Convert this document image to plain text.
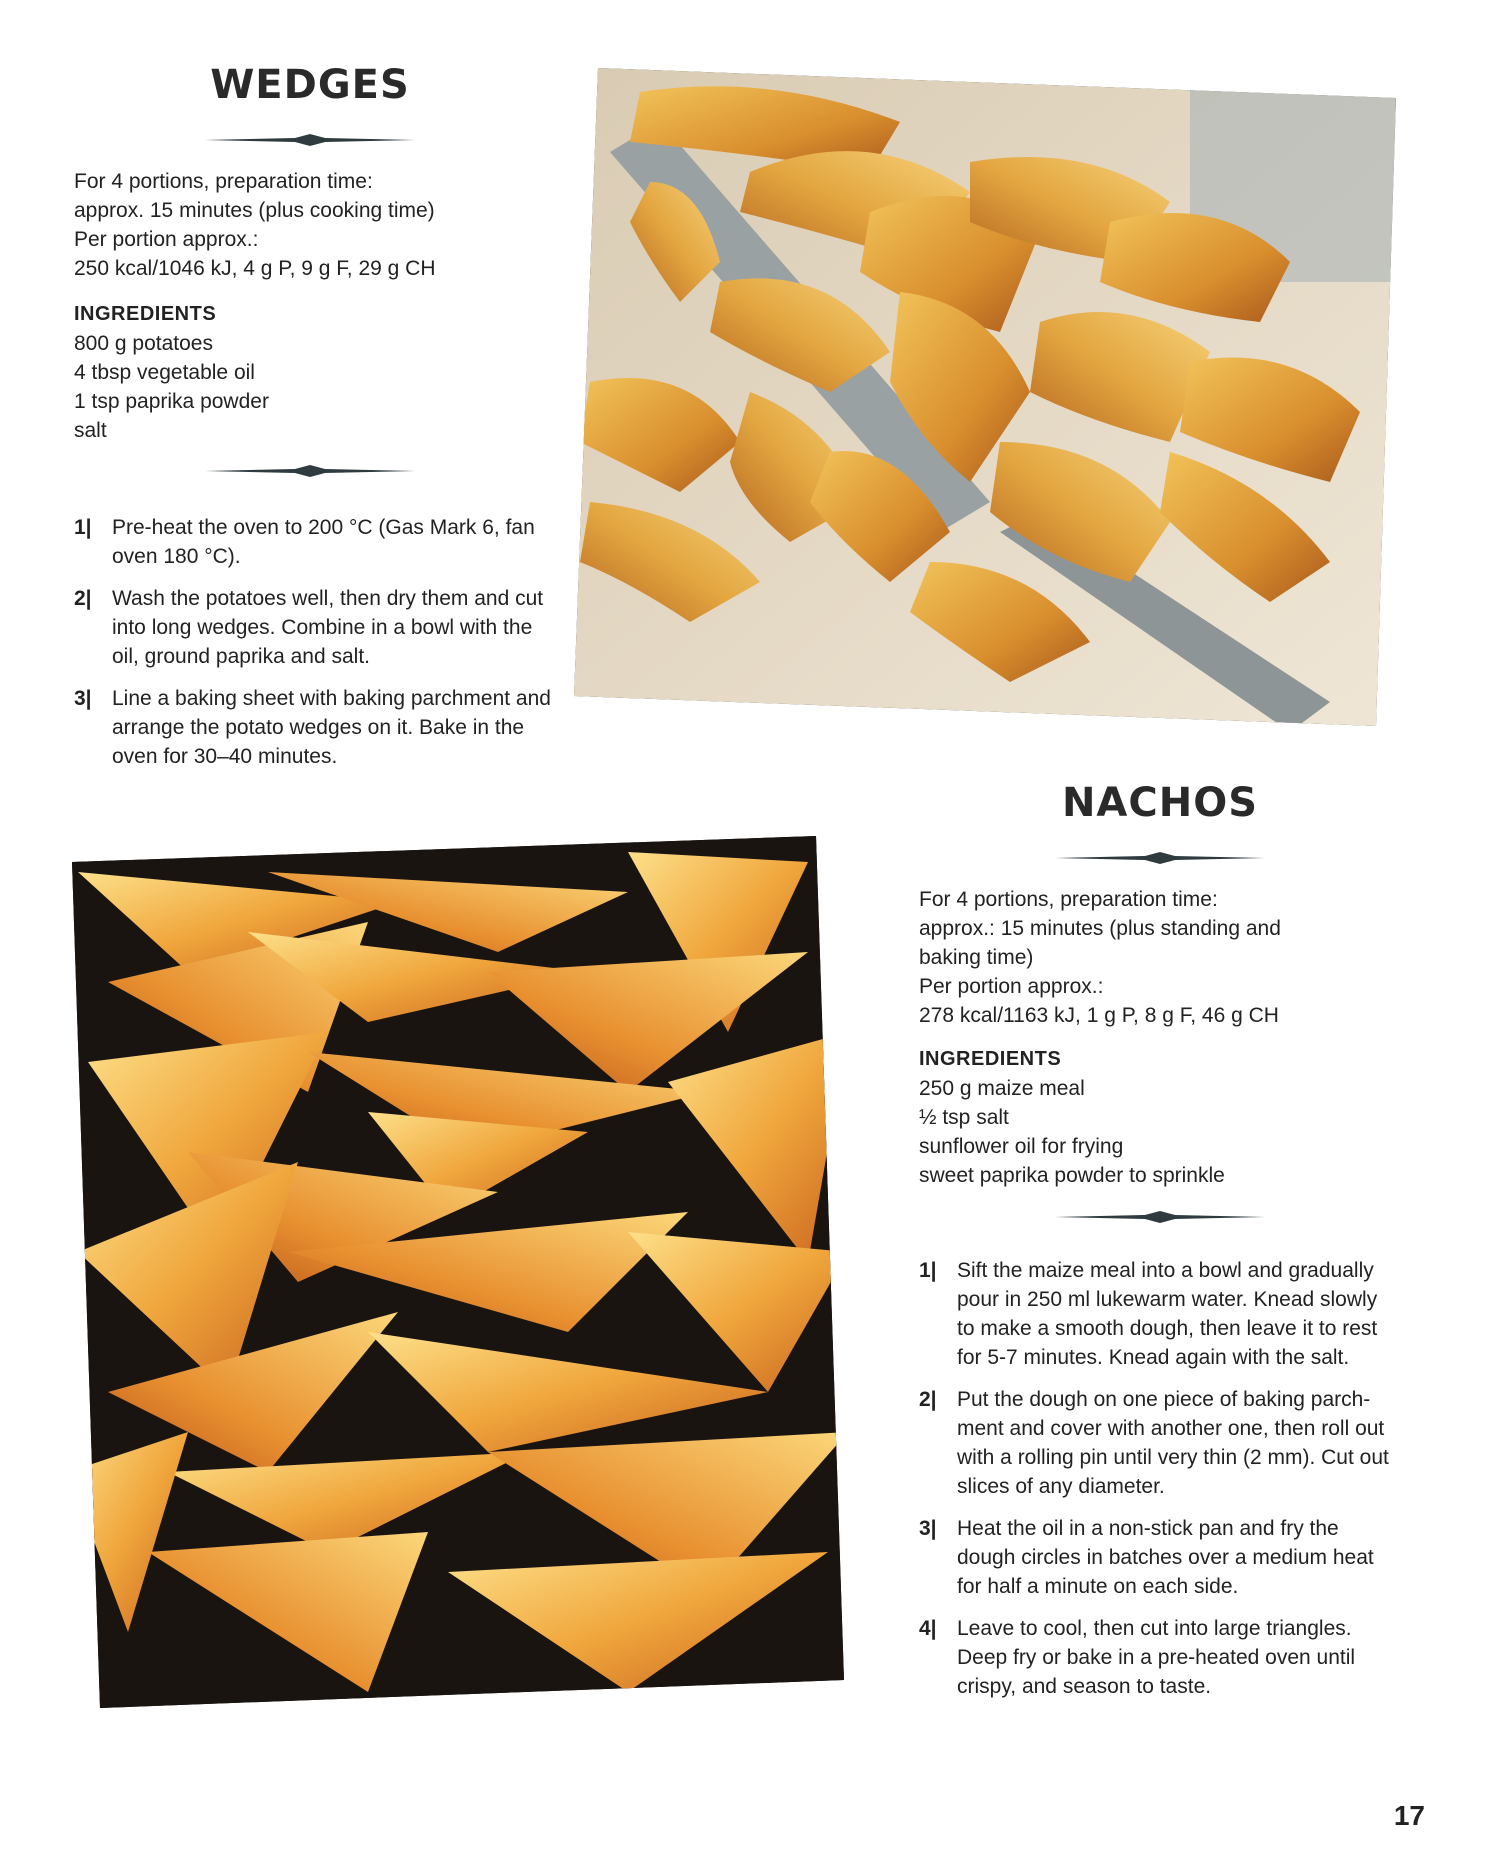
WEDGES

For 4 portions, preparation time:

approx. 15 minutes (plus cooking time)

Per portion approx.:

250 kcal/1046 kJ, 4 g P, 9 g F, 29 g CH

INGREDIENTS

800 g potatoes

4 tbsp vegetable oil

1 tsp paprika powder

salt

1| Pre-heat the oven to 200 °C (Gas Mark 6, fan oven 180 °C).
2| Wash the potatoes well, then dry them and cut into long wedges. Combine in a bowl with the oil, ground paprika and salt.
3| Line a baking sheet with baking parchment and arrange the potato wedges on it. Bake in the oven for 30–40 minutes.
NACHOS

For 4 portions, preparation time:

approx.: 15 minutes (plus standing and

baking time)

Per portion approx.:

278 kcal/1163 kJ, 1 g P, 8 g F, 46 g CH

INGREDIENTS

250 g maize meal

½ tsp salt

sunflower oil for frying

sweet paprika powder to sprinkle

1| Sift the maize meal into a bowl and gradually pour in 250 ml lukewarm water. Knead slowly to make a smooth dough, then leave it to rest for 5-7 minutes. Knead again with the salt.
2| Put the dough on one piece of baking parch-ment and cover with another one, then roll out with a rolling pin until very thin (2 mm). Cut out slices of any diameter.
3| Heat the oil in a non-stick pan and fry the dough circles in batches over a medium heat for half a minute on each side.
4| Leave to cool, then cut into large triangles. Deep fry or bake in a pre-heated oven until crispy, and season to taste.
17
